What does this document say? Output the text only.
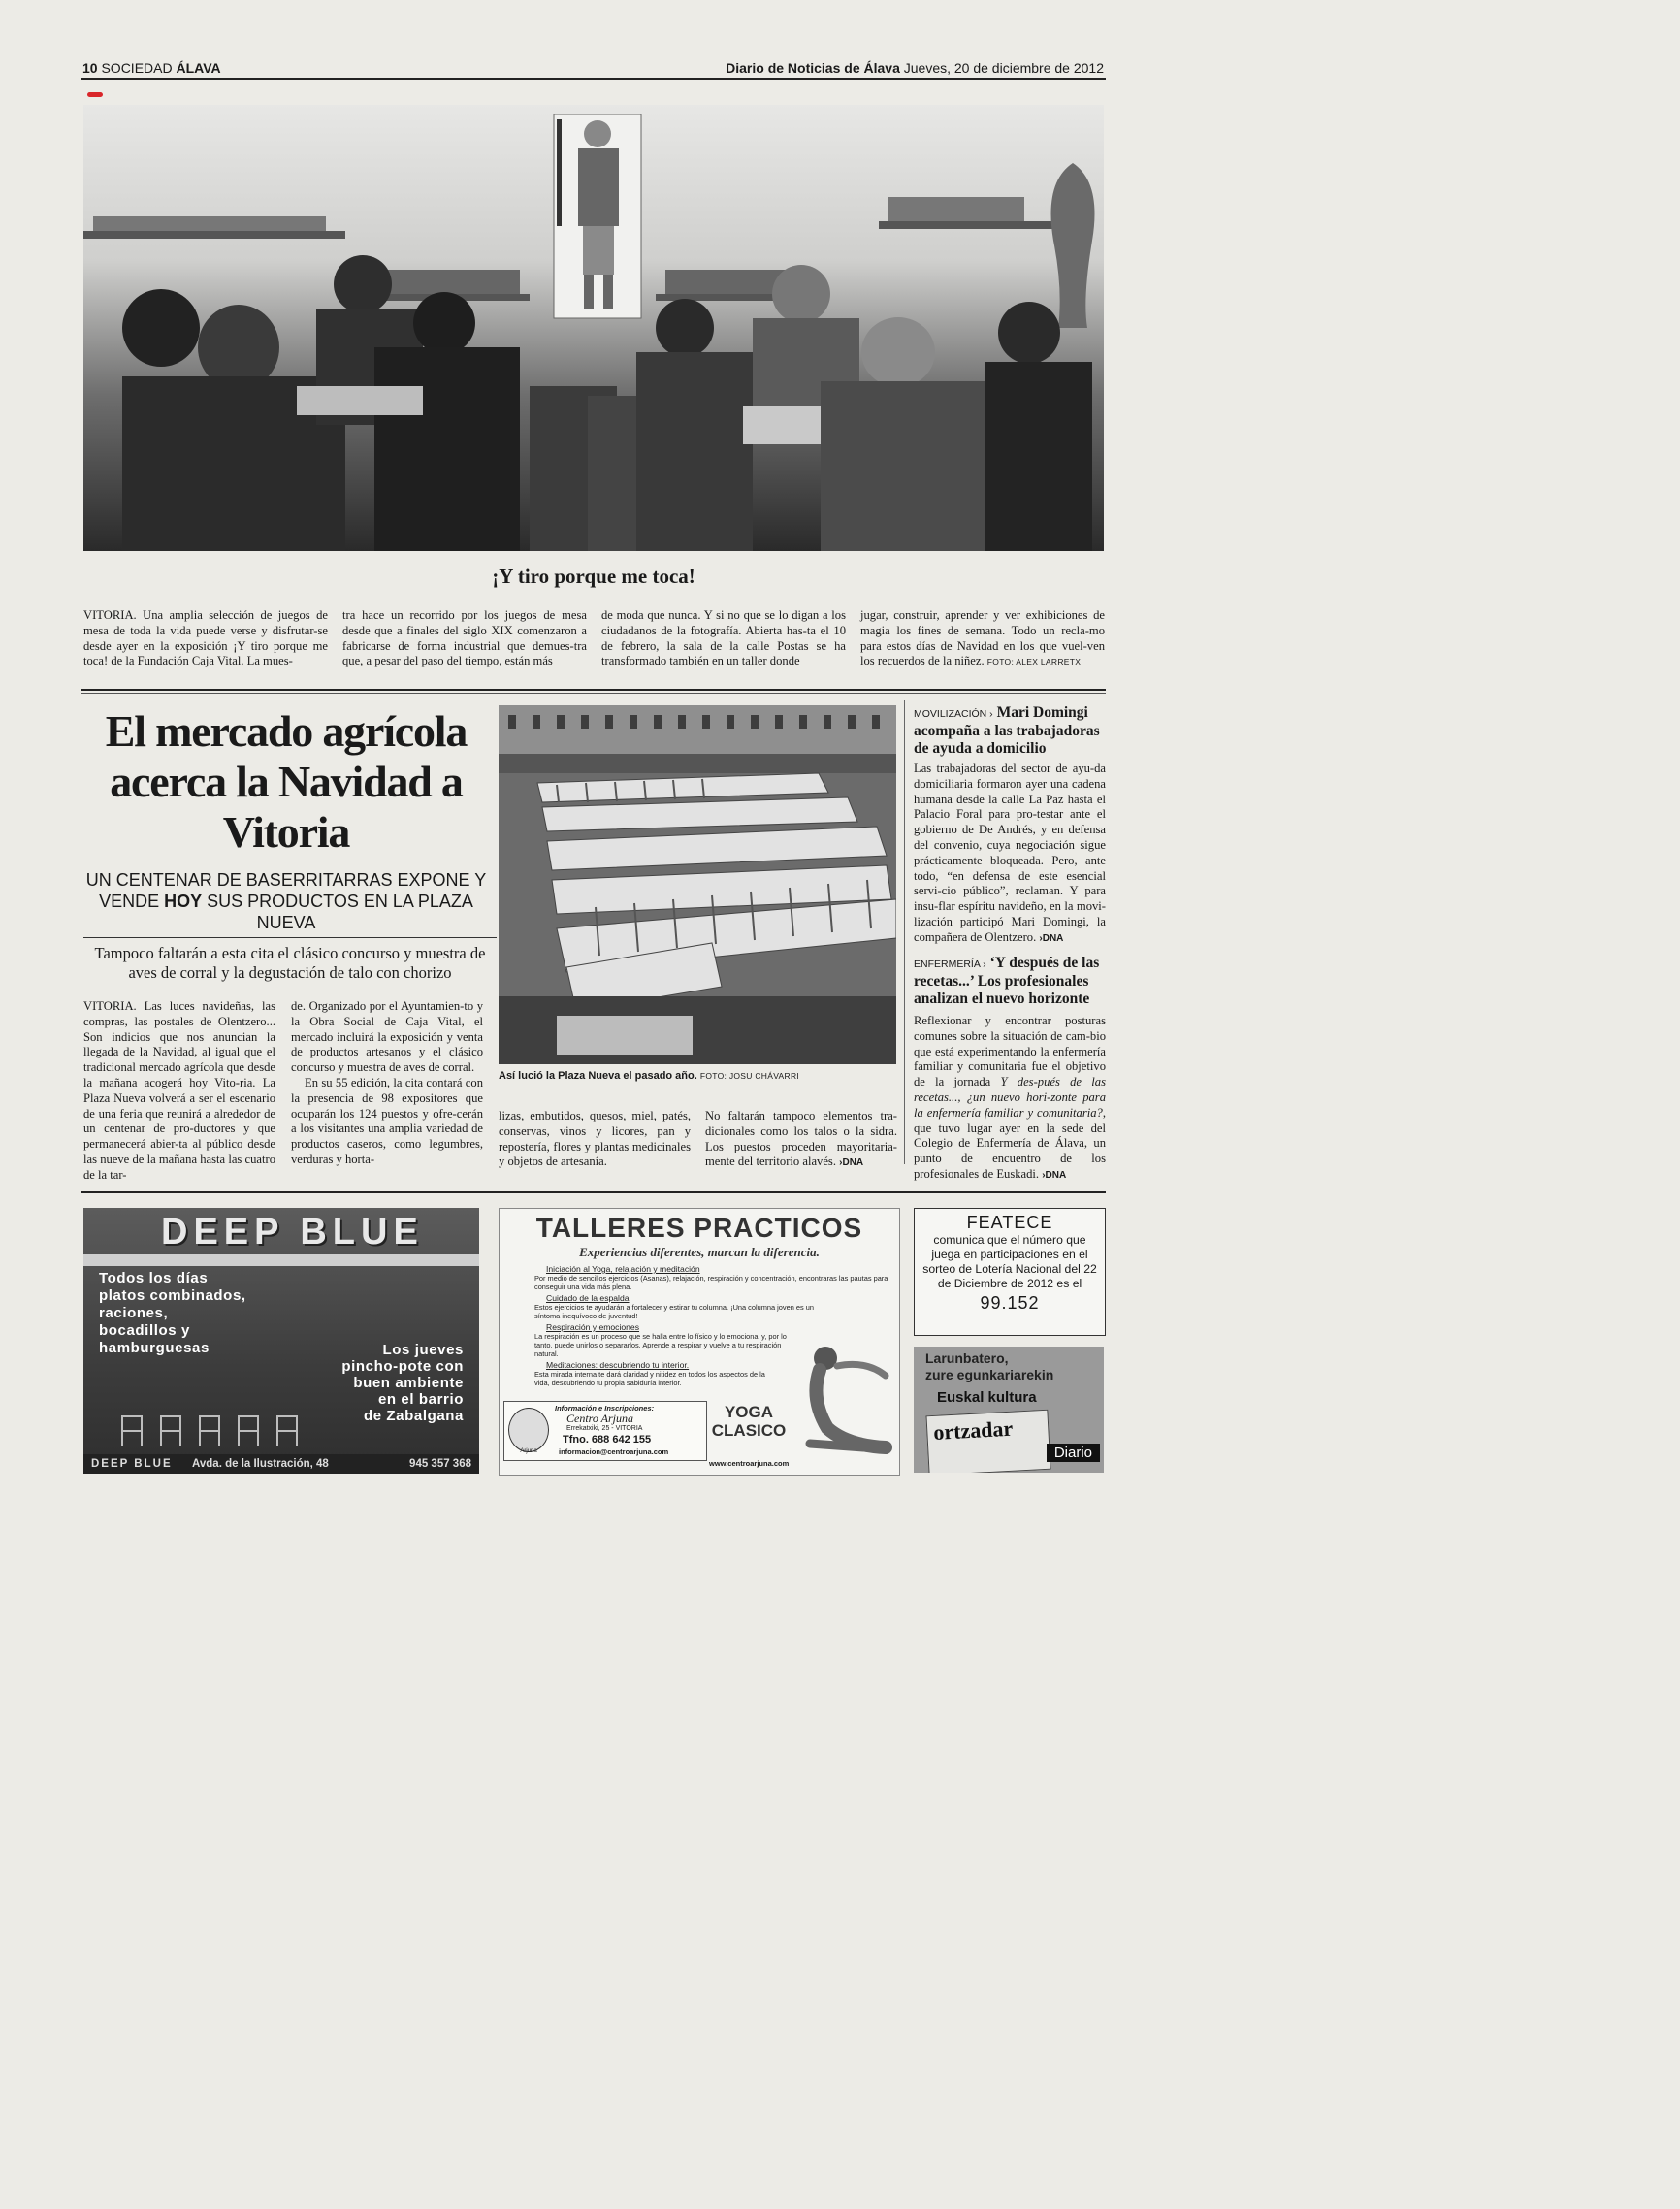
10 SOCIEDAD ÁLAVA	Diario de Noticias de Álava Jueves, 20 de diciembre de 2012
¡Y tiro porque me toca!

VITORIA. Una amplia selección de juegos de mesa de toda la vida puede verse y disfrutar-se desde ayer en la exposición ¡Y tiro porque me toca! de la Fundación Caja Vital. La mues-

tra hace un recorrido por los juegos de mesa desde que a finales del siglo XIX comenzaron a fabricarse de forma industrial que demues-tra que, a pesar del paso del tiempo, están más

de moda que nunca. Y si no que se lo digan a los ciudadanos de la fotografía. Abierta has-ta el 10 de febrero, la sala de la calle Postas se ha transformado también en un taller donde

jugar, construir, aprender y ver exhibiciones de magia los fines de semana. Todo un recla-mo para estos días de Navidad en los que vuel-ven los recuerdos de la niñez. FOTO: ALEX LARRETXI

El mercado agrícola acerca la Navidad a Vitoria
UN CENTENAR DE BASERRITARRAS EXPONE Y VENDE HOY SUS PRODUCTOS EN LA PLAZA NUEVA
Tampoco faltarán a esta cita el clásico concurso y muestra de aves de corral y la degustación de talo con chorizo

VITORIA. Las luces navideñas, las compras, las postales de Olentzero... Son indicios que nos anuncian la llegada de la Navidad, al igual que el tradicional mercado agrícola que desde la mañana acogerá hoy Vito-ria. La Plaza Nueva volverá a ser el escenario de una feria que reunirá a alrededor de un centenar de pro-ductores y que permanecerá abier-ta al público desde las nueve de la mañana hasta las cuatro de la tar-

de. Organizado por el Ayuntamien-to y la Obra Social de Caja Vital, el mercado incluirá la exposición y venta de productos artesanos y el clásico concurso y muestra de aves de corral.

En su 55 edición, la cita contará con la presencia de 98 expositores que ocuparán los 124 puestos y ofre-cerán a los visitantes una amplia variedad de productos caseros, como legumbres, verduras y horta-

Así lució la Plaza Nueva el pasado año. FOTO: JOSU CHÁVARRI

lizas, embutidos, quesos, miel, patés, conservas, vinos y licores, pan y repostería, flores y plantas medicinales y objetos de artesanía.

No faltarán tampoco elementos tra-dicionales como los talos o la sidra. Los puestos proceden mayoritaria-mente del territorio alavés. ›DNA

MOVILIZACIÓN › Mari Domingi acompaña a las trabajadoras de ayuda a domicilio

Las trabajadoras del sector de ayu-da domiciliaria formaron ayer una cadena humana desde la calle La Paz hasta el Palacio Foral para pro-testar ante el gobierno de De Andrés, y en defensa del convenio, cuya negociación sigue prácticamente bloqueada. Pero, ante todo, “en defensa de este esencial servi-cio público”, reclaman. Y para insu-flar espíritu navideño, en la movi-lización participó Mari Domingi, la compañera de Olentzero. ›DNA

ENFERMERÍA › ‘Y después de las recetas...’ Los profesionales analizan el nuevo horizonte

Reflexionar y encontrar posturas comunes sobre la situación de cam-bio que está experimentando la enfermería familiar y comunitaria fue el objetivo de la jornada Y des-pués de las recetas..., ¿un nuevo hori-zonte para la enfermería familiar y comunitaria?, que tuvo lugar ayer en la sede del Colegio de Enfermería de Álava, un punto de encuentro de los profesionales de Euskadi. ›DNA

DEEP BLUE
Todos los días
platos combinados,
raciones,
bocadillos y
hamburguesas	Los jueves
pincho-pote con
buen ambiente
en el barrio
de Zabalgana
DEEP BLUE Avda. de la Ilustración, 48	945 357 368
TALLERES PRACTICOS
Experiencias diferentes, marcan la diferencia.
Iniciación al Yoga, relajación y meditación
Por medio de sencillos ejercicios (Asanas), relajación, respiración y concentración, encontraras las pautas para conseguir una vida más plena.
Cuidado de la espalda
Estos ejercicios te ayudarán a fortalecer y estirar tu columna. ¡Una columna joven es un síntoma inequívoco de juventud!
Respiración y emociones
La respiración es un proceso que se halla entre lo físico y lo emocional y, por lo tanto, puede unirlos o separarlos. Aprende a respirar y vuelve a tu respiración natural.
Meditaciones: descubriendo tu interior.
Esta mirada interna te dará claridad y nitidez en todos los aspectos de la vida, descubriendo tu propia sabiduría interior.
YOGA
CLASICO
Arjuna
Información e Inscripciones:
Centro Arjuna
Errekatxiki, 25 - VITORIA
Tfno. 688 642 155
informacion@centroarjuna.com
www.centroarjuna.com
FEATECE
comunica que el número que juega en participaciones en el sorteo de Lotería Nacional del 22 de Diciembre de 2012 es el
99.152
Larunbatero,
zure egunkariarekin
Euskal kultura
ortzadar
Diario
